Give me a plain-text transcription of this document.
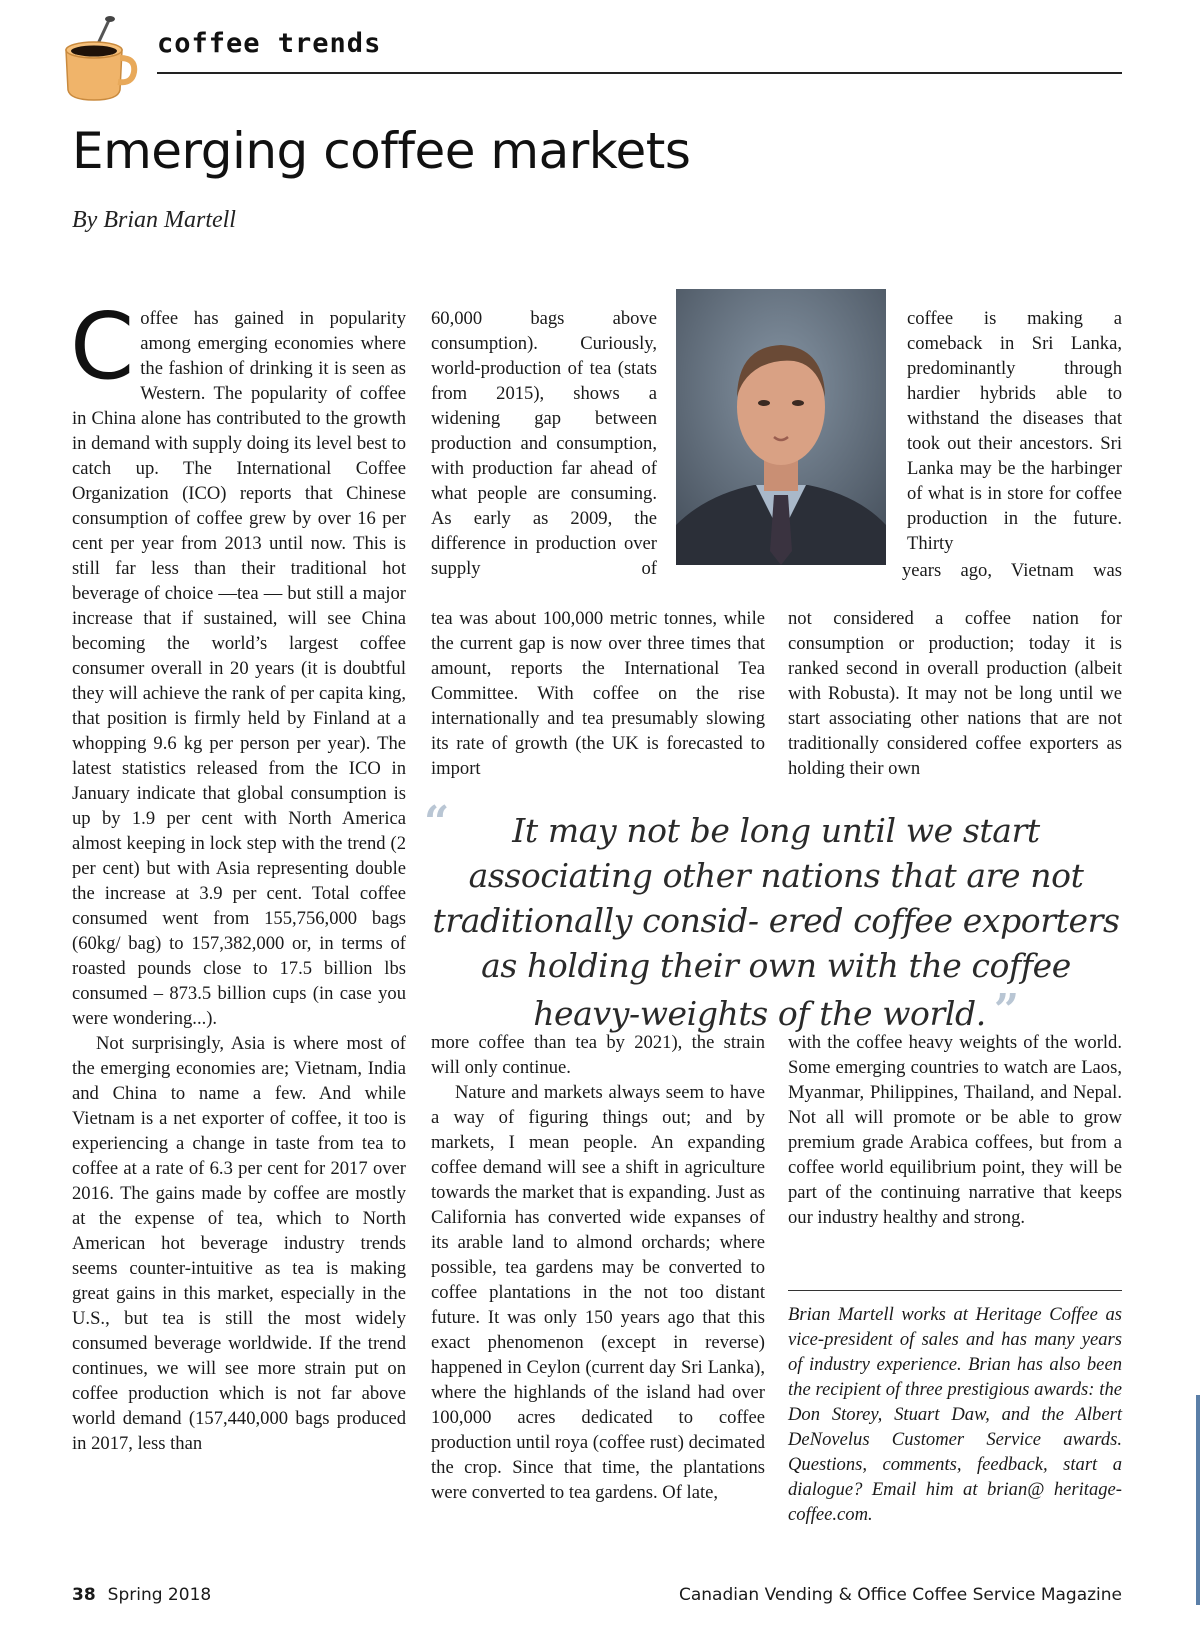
coffee trends
Emerging coffee markets
By Brian Martell

Coffee has gained in popularity among emerging economies where the fashion of drinking it is seen as Western. The popularity of coffee in China alone has contributed to the growth in demand with supply doing its level best to catch up. The International Coffee Organization (ICO) reports that Chinese consumption of coffee grew by over 16 per cent per year from 2013 until now. This is still far less than their traditional hot beverage of choice —tea — but still a major increase that if sustained, will see China becoming the world’s largest coffee consumer overall in 20 years (it is doubtful they will achieve the rank of per capita king, that position is firmly held by Finland at a whopping 9.6 kg per person per year). The latest statistics released from the ICO in January indicate that global consumption is up by 1.9 per cent with North America almost keeping in lock step with the trend (2 per cent) but with Asia representing double the increase at 3.9 per cent. Total coffee consumed went from 155,756,000 bags (60kg/ bag) to 157,382,000 or, in terms of roasted pounds close to 17.5 billion lbs consumed – 873.5 billion cups (in case you were wondering...).

Not surprisingly, Asia is where most of the emerging economies are; Vietnam, India and China to name a few. And while Vietnam is a net exporter of coffee, it too is experiencing a change in taste from tea to coffee at a rate of 6.3 per cent for 2017 over 2016. The gains made by coffee are mostly at the expense of tea, which to North American hot beverage industry trends seems counter-intuitive as tea is making great gains in this market, especially in the U.S., but tea is still the most widely consumed beverage worldwide. If the trend continues, we will see more strain put on coffee production which is not far above world demand (157,440,000 bags produced in 2017, less than

60,000 bags above consumption). Curiously, world-production of tea (stats from 2015), shows a widening gap between production and consumption, with production far ahead of what people are consuming. As early as 2009, the difference in production over supply of
tea was about 100,000 metric tonnes, while the current gap is now over three times that amount, reports the International Tea Committee. With coffee on the rise internationally and tea presumably slowing its rate of growth (the UK is forecasted to import

more coffee than tea by 2021), the strain will only continue.

Nature and markets always seem to have a way of figuring things out; and by markets, I mean people. An expanding coffee demand will see a shift in agriculture towards the market that is expanding. Just as California has converted wide expanses of its arable land to almond orchards; where possible, tea gardens may be converted to coffee plantations in the not too distant future. It was only 150 years ago that this exact phenomenon (except in reverse) happened in Ceylon (current day Sri Lanka), where the highlands of the island had over 100,000 acres dedicated to coffee production until roya (coffee rust) decimated the crop. Since that time, the plantations were converted to tea gardens. Of late,

coffee is making a comeback in Sri Lanka, predominantly through hardier hybrids able to withstand the diseases that took out their ancestors. Sri Lanka may be the harbinger of what is in store for coffee production in the future. Thirty
years ago, Vietnam was
not considered a coffee nation for consumption or production; today it is ranked second in overall production (albeit with Robusta). It may not be long until we start associating other nations that are not traditionally considered coffee exporters as holding their own
with the coffee heavy weights of the world. Some emerging countries to watch are Laos, Myanmar, Philippines, Thailand, and Nepal. Not all will promote or be able to grow premium grade Arabica coffees, but from a coffee world equilibrium point, they will be part of the continuing narrative that keeps our industry healthy and strong.
“ It may not be long until we start associating other nations that are not traditionally consid- ered coffee exporters as holding their own with the coffee heavy-weights of the world. ”
Brian Martell works at Heritage Coffee as vice-president of sales and has many years of industry experience. Brian has also been the recipient of three prestigious awards: the Don Storey, Stuart Daw, and the Albert DeNovelus Customer Service awards. Questions, comments, feedback, start a dialogue? Email him at brian@ heritage-coffee.com.
38 Spring 2018	Canadian Vending & Office Coffee Service Magazine
